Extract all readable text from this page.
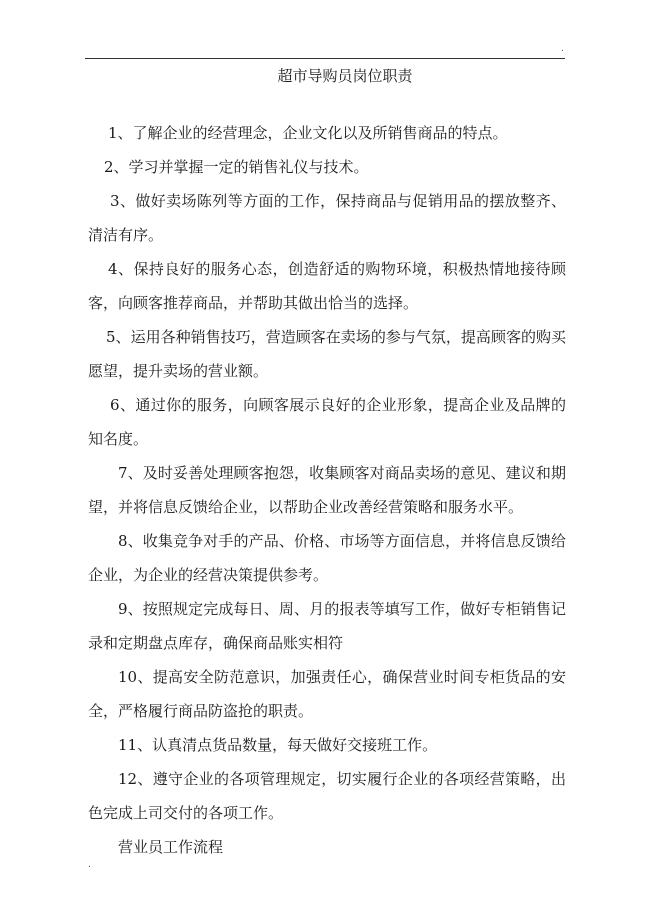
.
超市导购员岗位职责

1、了解企业的经营理念，企业文化以及所销售商品的特点。

2、学习并掌握一定的销售礼仪与技术。

3、做好卖场陈列等方面的工作，保持商品与促销用品的摆放整齐、清洁有序。

4、保持良好的服务心态，创造舒适的购物环境，积极热情地接待顾客，向顾客推荐商品，并帮助其做出恰当的选择。

5、运用各种销售技巧，营造顾客在卖场的参与气氛，提高顾客的购买愿望，提升卖场的营业额。

6、通过你的服务，向顾客展示良好的企业形象，提高企业及品牌的知名度。

7、及时妥善处理顾客抱怨，收集顾客对商品卖场的意见、建议和期望，并将信息反馈给企业，以帮助企业改善经营策略和服务水平。

8、收集竞争对手的产品、价格、市场等方面信息，并将信息反馈给企业，为企业的经营决策提供参考。

9、按照规定完成每日、周、月的报表等填写工作，做好专柜销售记录和定期盘点库存，确保商品账实相符

10、提高安全防范意识，加强责任心，确保营业时间专柜货品的安全，严格履行商品防盗抢的职责。

11、认真清点货品数量，每天做好交接班工作。

12、遵守企业的各项管理规定，切实履行企业的各项经营策略，出色完成上司交付的各项工作。

营业员工作流程

.
